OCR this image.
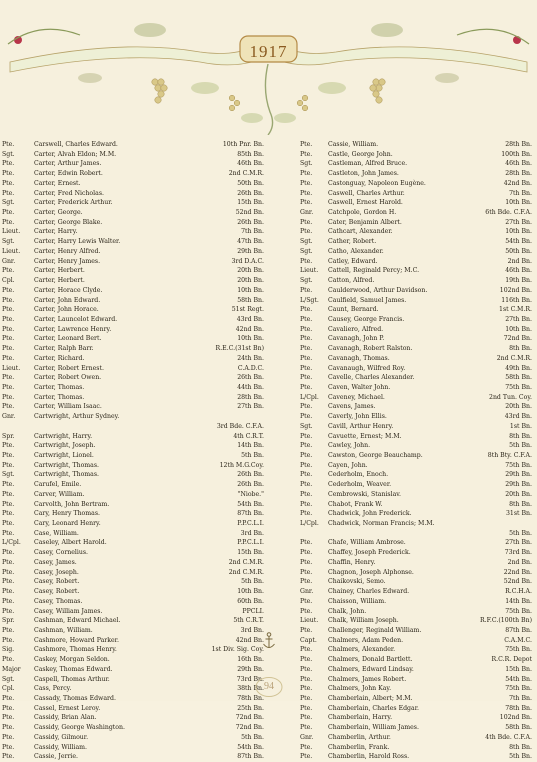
1917
Pte.	Carswell, Charles Edward.	10th Pnr. Bn.
Sgt.	Carter, Alvah Eldon; M.M.	85th Bn.
Pte.	Carter, Arthur James.	46th Bn.
Pte.	Carter, Edwin Robert.	2nd C.M.R.
Pte.	Carter, Ernest.	50th Bn.
Pte.	Carter, Fred Nicholas.	26th Bn.
Sgt.	Carter, Frederick Arthur.	15th Bn.
Pte.	Carter, George.	52nd Bn.
Pte.	Carter, George Blake.	26th Bn.
Lieut.	Carter, Harry.	7th Bn.
Sgt.	Carter, Harry Lewis Walter.	47th Bn.
Lieut.	Carter, Henry Alfred.	29th Bn.
Gnr.	Carter, Henry James.	3rd D.A.C.
Pte.	Carter, Herbert.	20th Bn.
Cpl.	Carter, Herbert.	20th Bn.
Pte.	Carter, Horace Clyde.	10th Bn.
Pte.	Carter, John Edward.	58th Bn.
Pte.	Carter, John Horace.	51st Regt.
Pte.	Carter, Launcelot Edward.	43rd Bn.
Pte.	Carter, Lawrence Henry.	42nd Bn.
Pte.	Carter, Leonard Bert.	10th Bn.
Pte.	Carter, Ralph Barr.	R.E.C.(31st Bn)
Pte.	Carter, Richard.	24th Bn.
Lieut.	Carter, Robert Ernest.	C.A.D.C.
Pte.	Carter, Robert Owen.	26th Bn.
Pte.	Carter, Thomas.	44th Bn.
Pte.	Carter, Thomas.	28th Bn.
Pte.	Carter, William Isaac.	27th Bn.
Gnr.	Cartwright, Arthur Sydney.
3rd Bde. C.F.A.
Spr.	Cartwright, Harry.	4th C.R.T.
Pte.	Cartwright, Joseph.	14th Bn.
Pte.	Cartwright, Lionel.	5th Bn.
Pte.	Cartwright, Thomas.	12th M.G.Coy.
Sgt.	Cartwright, Thomas.	26th Bn.
Pte.	Carufel, Emile.	26th Bn.
Pte.	Carver, William.	"Niobe."
Pte.	Carvolth, John Bertram.	54th Bn.
Pte.	Cary, Henry Thomas.	87th Bn.
Pte.	Cary, Leonard Henry.	P.P.C.L.I.
Pte.	Case, William.	3rd Bn.
L/Cpl.	Caseley, Albert Harold.	P.P.C.L.I.
Pte.	Casey, Cornelius.	15th Bn.
Pte.	Casey, James.	2nd C.M.R.
Pte.	Casey, Joseph.	2nd C.M.R.
Pte.	Casey, Robert.	5th Bn.
Pte.	Casey, Robert.	10th Bn.
Pte.	Casey, Thomas.	60th Bn.
Pte.	Casey, William James.	PPCLI.
Spr.	Cashman, Edward Michael.	5th C.R.T.
Pte.	Cashman, William.	3rd Bn.
Pte.	Cashmore, Howard Parker.	42nd Bn.
Sig.	Cashmore, Thomas Henry.	1st Div. Sig. Coy.
Pte.	Caskey, Morgan Seldon.	16th Bn.
Major	Caskey, Thomas Edward.	29th Bn.
Sgt.	Caspell, Thomas Arthur.	73rd Bn.
Cpl.	Cass, Percy.	38th Bn.
Pte.	Cassady, Thomas Edward.	78th Bn.
Pte.	Cassel, Ernest Leroy.	25th Bn.
Pte.	Cassidy, Brian Alan.	72nd Bn.
Pte.	Cassidy, George Washington.	72nd Bn.
Pte.	Cassidy, Gilmour.	5th Bn.
Pte.	Cassidy, William.	54th Bn.
Pte.	Cassie, Jerrie.	87th Bn.
Pte.	Cassie, William.	28th Bn.
Pte.	Castle, George John.	100th Bn.
Sgt.	Castleman, Alfred Bruce.	46th Bn.
Pte.	Castleton, John James.	28th Bn.
Pte.	Castonguay, Napoleon Eugène.	42nd Bn.
Pte.	Caswell, Charles Arthur.	7th Bn.
Pte.	Caswell, Ernest Harold.	10th Bn.
Gnr.	Catchpole, Gordon H.	6th Bde. C.F.A.
Pte.	Cater, Benjamin Albert.	27th Bn.
Pte.	Cathcart, Alexander.	10th Bn.
Sgt.	Cather, Robert.	54th Bn.
Sgt.	Catho, Alexander.	50th Bn.
Pte.	Catley, Edward.	2nd Bn.
Lieut.	Cattell, Reginald Percy; M.C.	46th Bn.
Sgt.	Catton, Alfred.	19th Bn.
Pte.	Caulderwood, Arthur Davidson.	102nd Bn.
L/Sgt.	Caulfield, Samuel James.	116th Bn.
Pte.	Caunt, Bernard.	1st C.M.R.
Pte.	Causey, George Francis.	27th Bn.
Pte.	Cavaliero, Alfred.	10th Bn.
Pte.	Cavanagh, John P.	72nd Bn.
Pte.	Cavanagh, Robert Ralston.	8th Bn.
Pte.	Cavanagh, Thomas.	2nd C.M.R.
Pte.	Cavanaugh, Wilfred Roy.	49th Bn.
Pte.	Cavelle, Charles Alexander.	58th Bn.
Pte.	Caven, Walter John.	75th Bn.
L/Cpl.	Caveney, Michael.	2nd Tun. Coy.
Pte.	Cavens, James.	20th Bn.
Pte.	Caverly, John Ellis.	43rd Bn.
Sgt.	Cavill, Arthur Henry.	1st Bn.
Pte.	Cavuette, Ernest; M.M.	8th Bn.
Pte.	Cawley, John.	5th Bn.
Pte.	Cawston, George Beauchamp.	8th Bty. C.F.A.
Pte.	Cayen, John.	75th Bn.
Pte.	Cederholm, Enoch.	29th Bn.
Pte.	Cederholm, Weaver.	29th Bn.
Pte.	Cembrowski, Stanislav.	20th Bn.
Pte.	Chabot, Frank W.	8th Bn.
Pte.	Chadwick, John Frederick.	31st Bn.
L/Cpl.	Chadwick, Norman Francis; M.M.
5th Bn.
Pte.	Chafe, William Ambrose.	27th Bn.
Pte.	Chaffey, Joseph Frederick.	73rd Bn.
Pte.	Chaffin, Henry.	2nd Bn.
Pte.	Chagnon, Joseph Alphonse.	22nd Bn.
Pte.	Chaikovski, Semo.	52nd Bn.
Gnr.	Chainey, Charles Edward.	R.C.H.A.
Pte.	Chaisson, William.	14th Bn.
Pte.	Chalk, John.	75th Bn.
Lieut.	Chalk, William Joseph.	R.F.C.(100th Bn)
Pte.	Challenger, Reginald William.	87th Bn.
Capt.	Chalmers, Adam Peden.	C.A.M.C.
Pte.	Chalmers, Alexander.	75th Bn.
Pte.	Chalmers, Donald Bartlett.	R.C.R. Depot
Pte.	Chalmers, Edward Lindsay.	15th Bn.
Pte.	Chalmers, James Robert.	54th Bn.
Pte.	Chalmers, John Kay.	75th Bn.
Pte.	Chamberlain, Albert; M.M.	7th Bn.
Pte.	Chamberlain, Charles Edgar.	78th Bn.
Pte.	Chamberlain, Harry.	102nd Bn.
Pte.	Chamberlain, William James.	58th Bn.
Gnr.	Chamberlin, Arthur.	4th Bde. C.F.A.
Pte.	Chamberlin, Frank.	8th Bn.
Pte.	Chamberlin, Harold Ross.	5th Bn.
94
